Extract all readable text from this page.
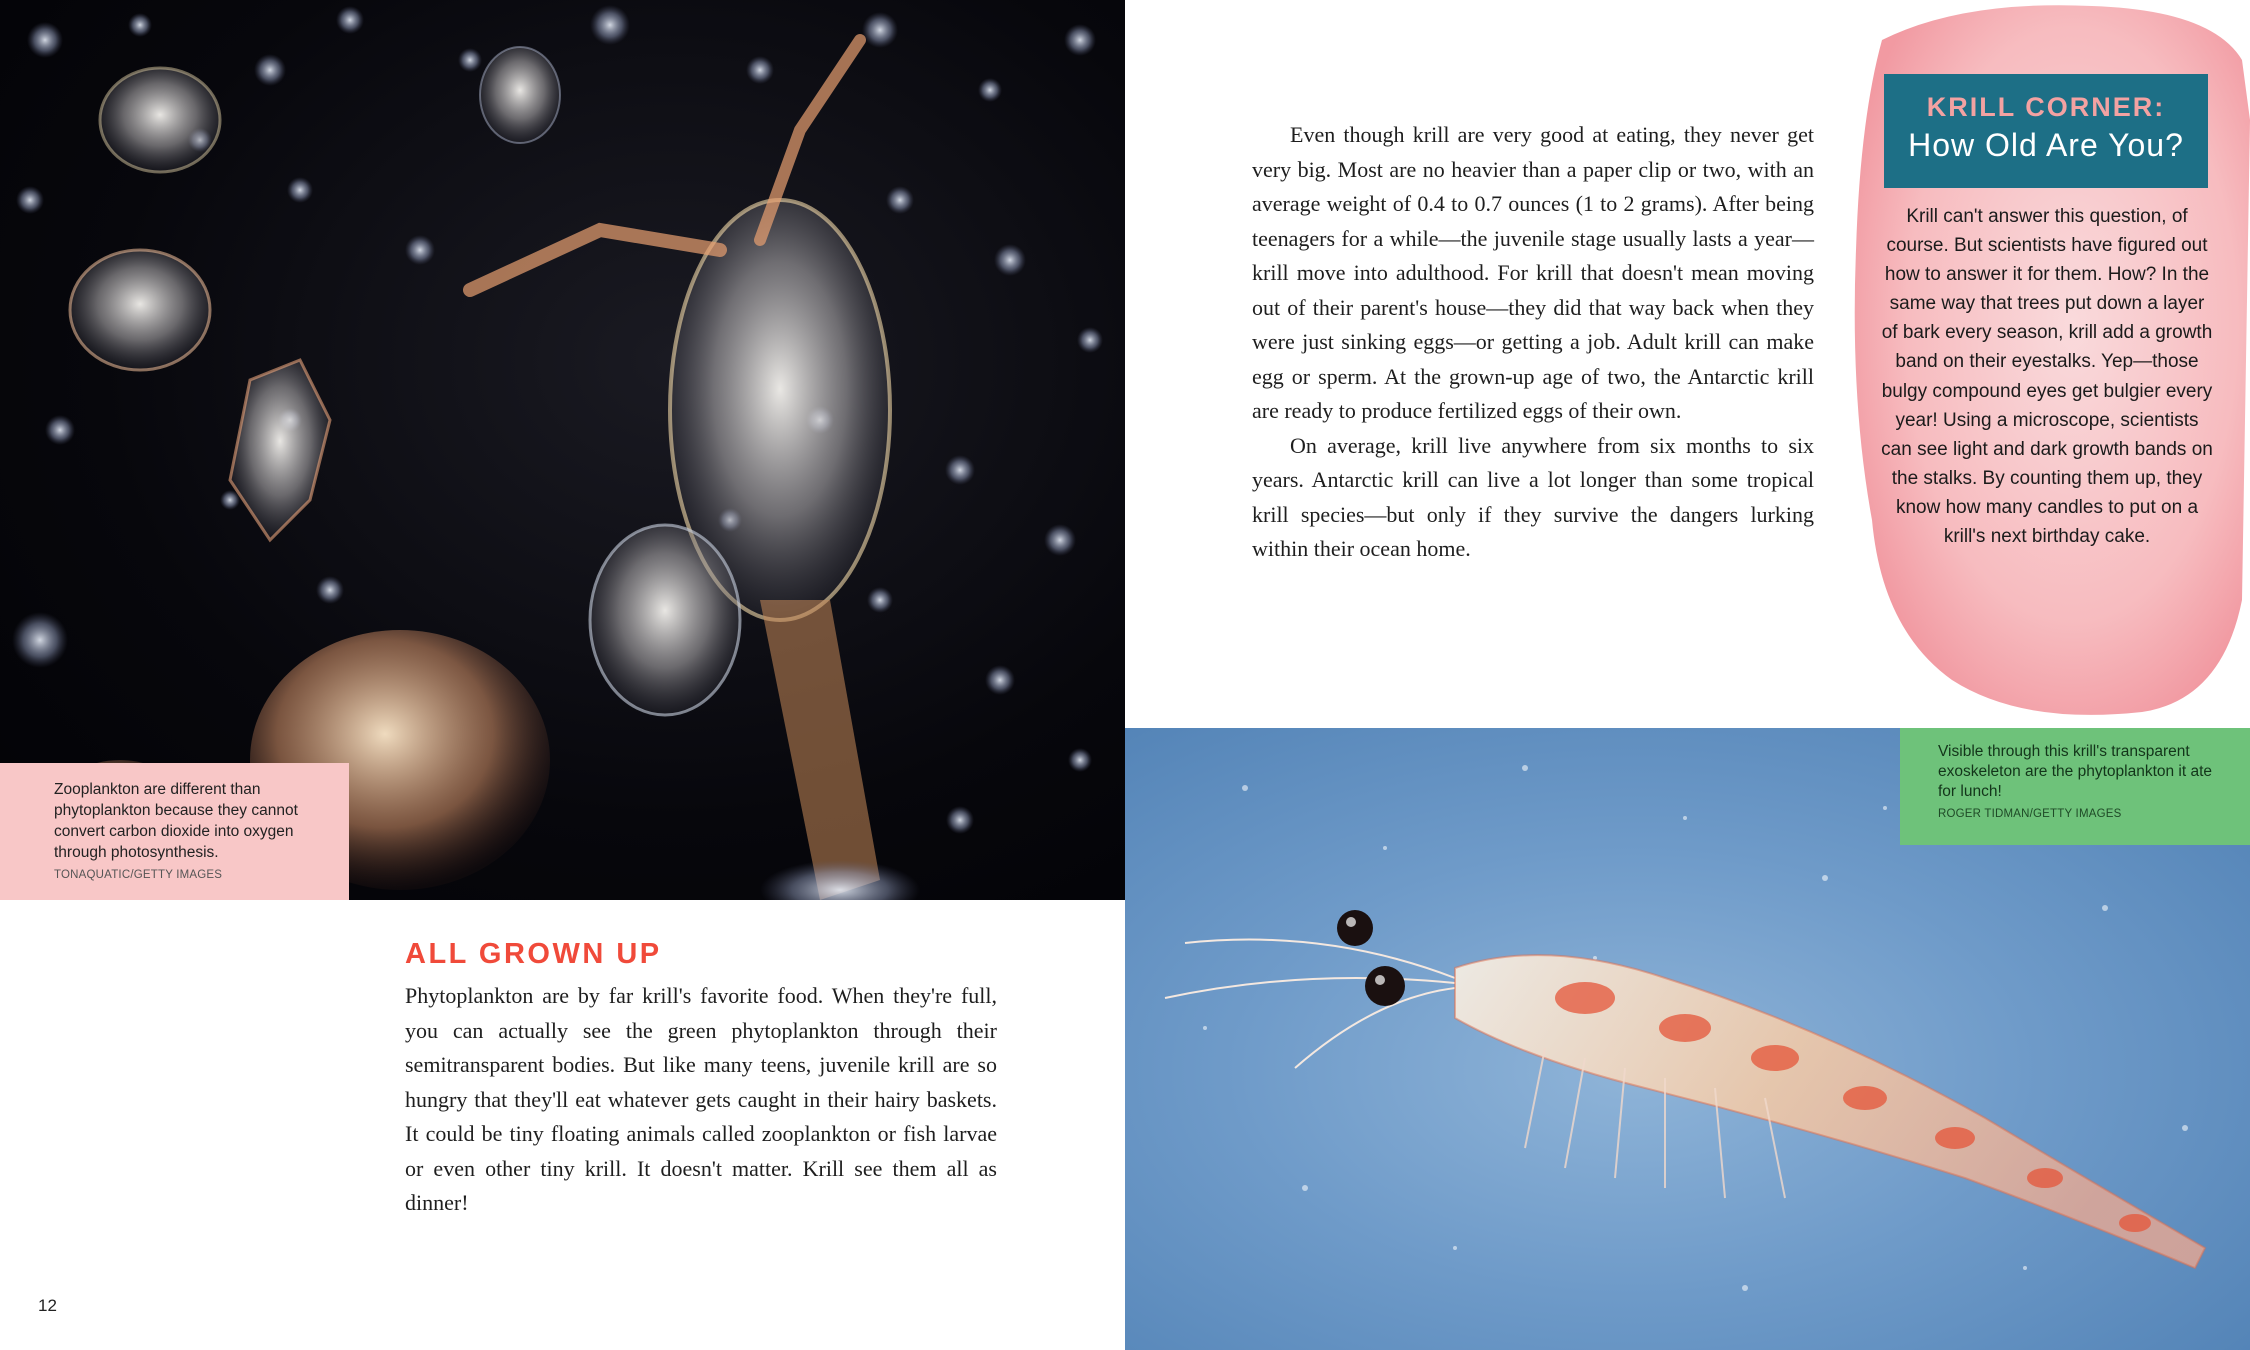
Zooplankton are different than phytoplankton because they cannot convert carbon dioxide into oxygen through photosynthesis.
TONAQUATIC/GETTY IMAGES
Visible through this krill's transparent exoskeleton are the phytoplankton it ate for lunch!
ROGER TIDMAN/GETTY IMAGES
KRILL CORNER:
How Old Are You?
Krill can't answer this question, of course. But scientists have figured out how to answer it for them. How? In the same way that trees put down a layer of bark every season, krill add a growth band on their eyestalks. Yep—those bulgy compound eyes get bulgier every year! Using a microscope, scientists can see light and dark growth bands on the stalks. By counting them up, they know how many candles to put on a krill's next birthday cake.

Even though krill are very good at eating, they never get very big. Most are no heavier than a paper clip or two, with an average weight of 0.4 to 0.7 ounces (1 to 2 grams). After being teenagers for a while—the juvenile stage usually lasts a year—krill move into adulthood. For krill that doesn't mean moving out of their parent's house—they did that way back when they were just sinking eggs—or getting a job. Adult krill can make egg or sperm. At the grown-up age of two, the Antarctic krill are ready to produce fertilized eggs of their own.

On average, krill live anywhere from six months to six years. Antarctic krill can live a lot longer than some tropical krill species—but only if they survive the dangers lurking within their ocean home.

ALL GROWN UP

Phytoplankton are by far krill's favorite food. When they're full, you can actually see the green phytoplankton through their semitransparent bodies. But like many teens, juvenile krill are so hungry that they'll eat whatever gets caught in their hairy baskets. It could be tiny floating animals called zooplankton or fish larvae or even other tiny krill. It doesn't matter. Krill see them all as dinner!

12
